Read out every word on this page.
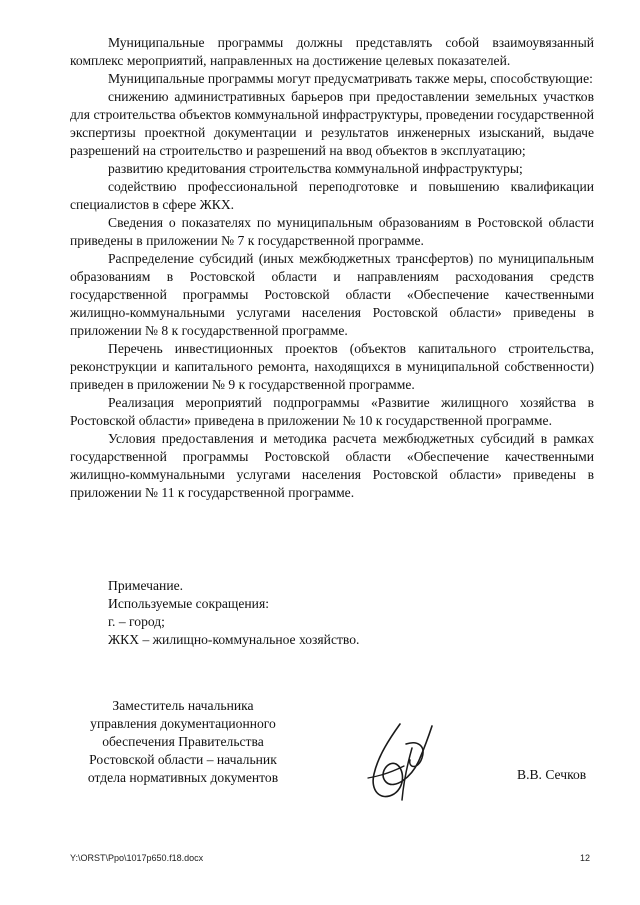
Муниципальные программы должны представлять собой взаимоувязанный комплекс мероприятий, направленных на достижение целевых показателей.

Муниципальные программы могут предусматривать также меры, способствующие:

снижению административных барьеров при предоставлении земельных участков для строительства объектов коммунальной инфраструктуры, проведении государственной экспертизы проектной документации и результатов инженерных изысканий, выдаче разрешений на строительство и разрешений на ввод объектов в эксплуатацию;

развитию кредитования строительства коммунальной инфраструктуры;

содействию профессиональной переподготовке и повышению квалификации специалистов в сфере ЖКХ.

Сведения о показателях по муниципальным образованиям в Ростовской области приведены в приложении № 7 к государственной программе.

Распределение субсидий (иных межбюджетных трансфертов) по муниципальным образованиям в Ростовской области и направлениям расходования средств государственной программы Ростовской области «Обеспечение качественными жилищно-коммунальными услугами населения Ростовской области» приведены в приложении № 8 к государственной программе.

Перечень инвестиционных проектов (объектов капитального строительства, реконструкции и капитального ремонта, находящихся в муниципальной собственности) приведен в приложении № 9 к государственной программе.

Реализация мероприятий подпрограммы «Развитие жилищного хозяйства в Ростовской области» приведена в приложении № 10 к государственной программе.

Условия предоставления и методика расчета межбюджетных субсидий в рамках государственной программы Ростовской области «Обеспечение качественными жилищно-коммунальными услугами населения Ростовской области» приведены в приложении № 11 к государственной программе.

Примечание.
Используемые сокращения:
г. – город;
ЖКХ – жилищно-коммунальное хозяйство.
Заместитель начальника
управления документационного
обеспечения Правительства
Ростовской области – начальник
отдела нормативных документов	В.В. Сечков
Y:\ORST\Ppo\1017p650.f18.docx	12
